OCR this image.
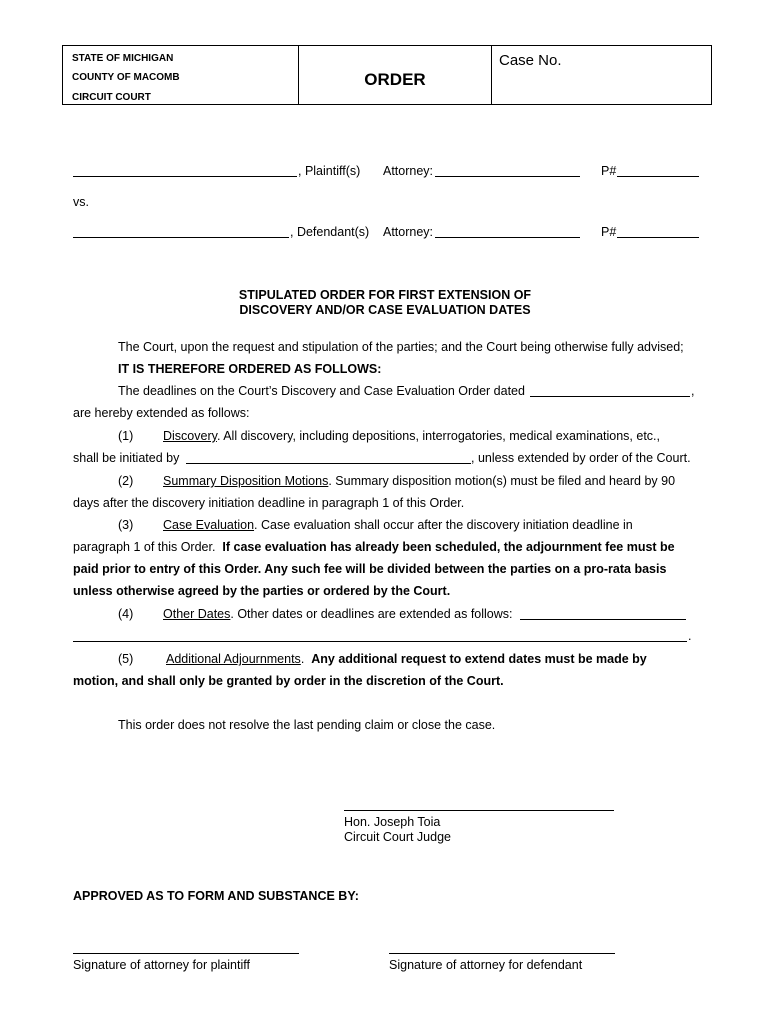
STATE OF MICHIGAN
COUNTY OF MACOMB
CIRCUIT COURT
ORDER
Case No.
, Plaintiff(s) Attorney:	P#
vs.
, Defendant(s) Attorney:	P#
STIPULATED ORDER FOR FIRST EXTENSION OF
DISCOVERY AND/OR CASE EVALUATION DATES
The Court, upon the request and stipulation of the parties; and the Court being otherwise fully advised;
IT IS THEREFORE ORDERED AS FOLLOWS:
The deadlines on the Court’s Discovery and Case Evaluation Order dated	,
are hereby extended as follows:
(1) Discovery. All discovery, including depositions, interrogatories, medical examinations, etc.,
shall be initiated by	, unless extended by order of the Court.
(2) Summary Disposition Motions. Summary disposition motion(s) must be filed and heard by 90
days after the discovery initiation deadline in paragraph 1 of this Order.
(3) Case Evaluation. Case evaluation shall occur after the discovery initiation deadline in
paragraph 1 of this Order. If case evaluation has already been scheduled, the adjournment fee must be
paid prior to entry of this Order. Any such fee will be divided between the parties on a pro-rata basis
unless otherwise agreed by the parties or ordered by the Court.
(4) Other Dates. Other dates or deadlines are extended as follows:
.
(5)	Additional Adjournments. Any additional request to extend dates must be made by
motion, and shall only be granted by order in the discretion of the Court.
This order does not resolve the last pending claim or close the case.
Hon. Joseph Toia
Circuit Court Judge
APPROVED AS TO FORM AND SUBSTANCE BY:
Signature of attorney for plaintiff	Signature of attorney for defendant
